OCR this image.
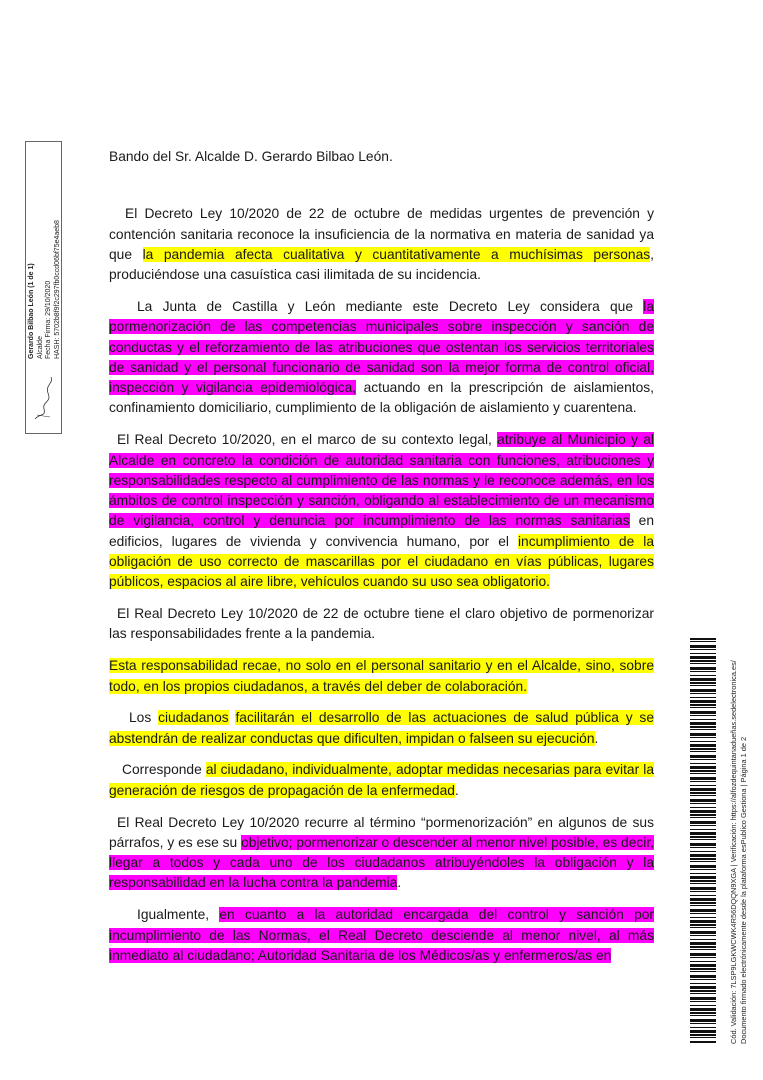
Gerardo Bilbao León (1 de 1) Alcalde Fecha Firma: 29/10/2020 HASH: 5702b8f9f2c297fb0ccd06bf75e4aeb8
Cód. Validación: 7LSP9LGKWCWK4R56DQQN9XGA | Verificación: https://alfozdequintanadueñas.sedelectronica.es/ Documento firmado electrónicamente desde la plataforma esPublico Gestiona | Página 1 de 2
Bando del Sr. Alcalde D. Gerardo Bilbao León.

El Decreto Ley 10/2020 de 22 de octubre de medidas urgentes de prevención y contención sanitaria reconoce la insuficiencia de la normativa en materia de sanidad ya que la pandemia afecta cualitativa y cuantitativamente a muchísimas personas, produciéndose una casuística casi ilimitada de su incidencia.

La Junta de Castilla y León mediante este Decreto Ley considera que la pormenorización de las competencias municipales sobre inspección y sanción de conductas y el reforzamiento de las atribuciones que ostentan los servicios territoriales de sanidad y el personal funcionario de sanidad son la mejor forma de control oficial, inspección y vigilancia epidemiológica, actuando en la prescripción de aislamientos, confinamiento domiciliario, cumplimiento de la obligación de aislamiento y cuarentena.

El Real Decreto 10/2020, en el marco de su contexto legal, atribuye al Municipio y al Alcalde en concreto la condición de autoridad sanitaria con funciones, atribuciones y responsabilidades respecto al cumplimiento de las normas y le reconoce además, en los ámbitos de control inspección y sanción, obligando al establecimiento de un mecanismo de vigilancia, control y denuncia por incumplimiento de las normas sanitarias en edificios, lugares de vivienda y convivencia humano, por el incumplimiento de la obligación de uso correcto de mascarillas por el ciudadano en vías públicas, lugares públicos, espacios al aire libre, vehículos cuando su uso sea obligatorio.

El Real Decreto Ley 10/2020 de 22 de octubre tiene el claro objetivo de pormenorizar las responsabilidades frente a la pandemia.

Esta responsabilidad recae, no solo en el personal sanitario y en el Alcalde, sino, sobre todo, en los propios ciudadanos, a través del deber de colaboración.

Los ciudadanos facilitarán el desarrollo de las actuaciones de salud pública y se abstendrán de realizar conductas que dificulten, impidan o falseen su ejecución.

Corresponde al ciudadano, individualmente, adoptar medidas necesarias para evitar la generación de riesgos de propagación de la enfermedad.

El Real Decreto Ley 10/2020 recurre al término “pormenorización” en algunos de sus párrafos, y es ese su objetivo; pormenorizar o descender al menor nivel posible, es decir, llegar a todos y cada uno de los ciudadanos atribuyéndoles la obligación y la responsabilidad en la lucha contra la pandemia.

Igualmente, en cuanto a la autoridad encargada del control y sanción por incumplimiento de las Normas, el Real Decreto desciende al menor nivel, al más inmediato al ciudadano; Autoridad Sanitaria de los Médicos/as y enfermeros/as en
